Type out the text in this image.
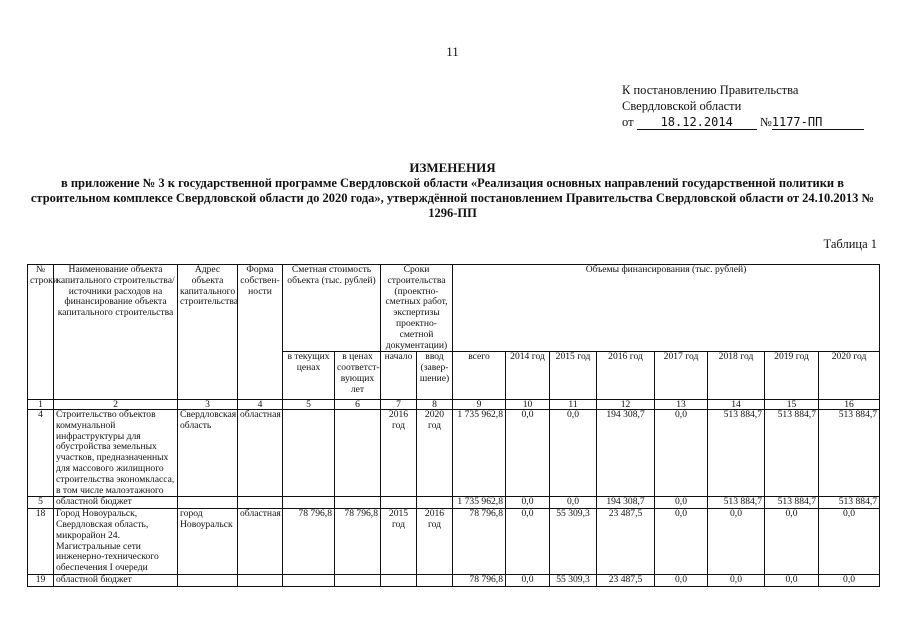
11
К постановлению Правительства
Свердловской области
от 18.12.2014 №1177-ПП
ИЗМЕНЕНИЯ
в приложение № 3 к государственной программе Свердловской области «Реализация основных направлений государственной политики в строительном комплексе Свердловской области до 2020 года», утверждённой постановлением Правительства Свердловской области от 24.10.2013 № 1296-ПП
Таблица 1
№ строки	Наименование объекта капитального строительства/ источники расходов на финансирование объекта капитального строительства	Адрес объекта капитального строительства	Форма собствен-ности	Сметная стоимость объекта (тыс. рублей)		Сроки строительства (проектно-сметных работ, экспертизы проектно-сметной документации)		Объемы финансирования (тыс. рублей)							
				в текущих ценах	в ценах соответст-вующих лет	начало	ввод (завер-шение)	всего	2014 год	2015 год	2016 год	2017 год	2018 год	2019 год	2020 год
1	2	3	4	5	6	7	8	9	10	11	12	13	14	15	16
4	Строительство объектов коммунальной инфраструктуры для обустройства земельных участков, предназначенных для массового жилищного строительства экономкласса, в том числе малоэтажного	Свердловская область	областная			2016 год	2020 год	1 735 962,8	0,0	0,0	194 308,7	0,0	513 884,7	513 884,7	513 884,7
5	областной бюджет							1 735 962,8	0,0	0,0	194 308,7	0,0	513 884,7	513 884,7	513 884,7
18	Город Новоуральск, Свердловская область, микрорайон 24. Магистральные сети инженерно-технического обеспечения I очереди	город Новоуральск	областная	78 796,8	78 796,8	2015 год	2016 год	78 796,8	0,0	55 309,3	23 487,5	0,0	0,0	0,0	0,0
19	областной бюджет							78 796,8	0,0	55 309,3	23 487,5	0,0	0,0	0,0	0,0
